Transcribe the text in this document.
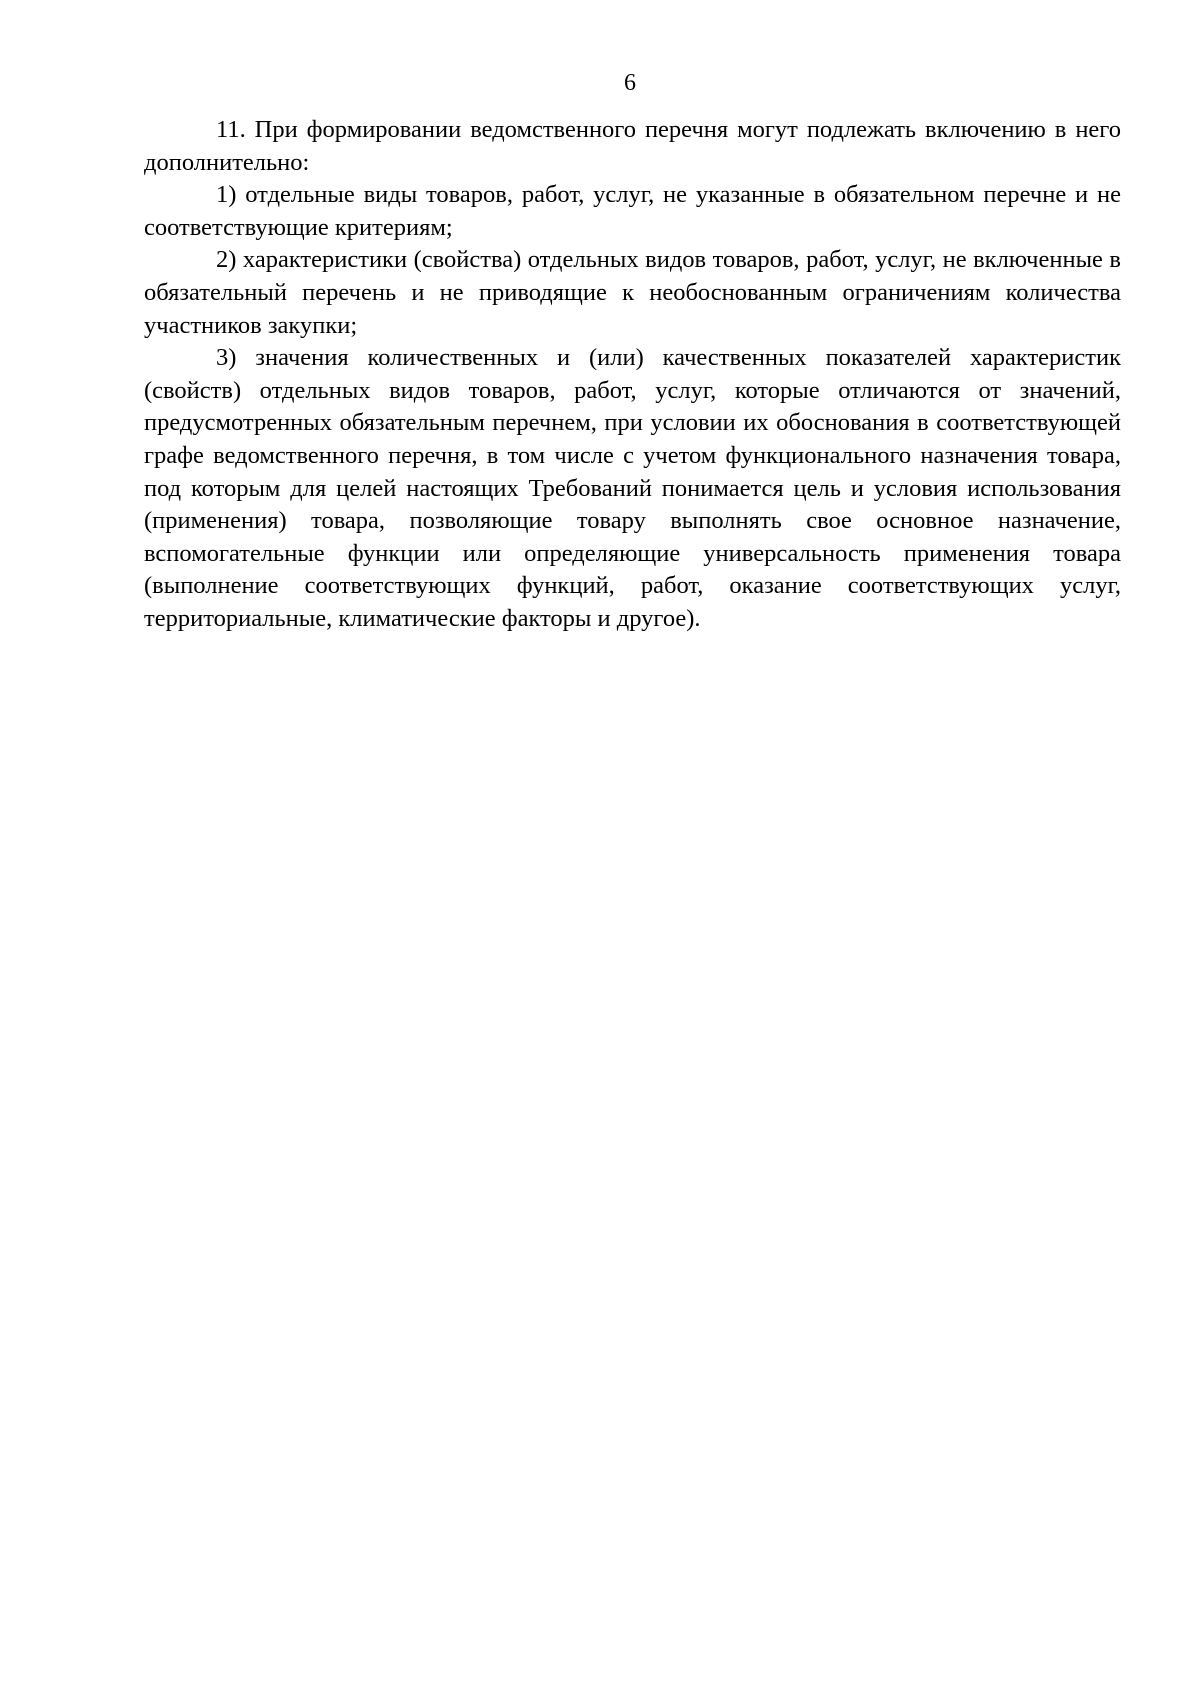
6

11. При формировании ведомственного перечня могут подлежать включению в него дополнительно:

1) отдельные виды товаров, работ, услуг, не указанные в обязательном перечне и не соответствующие критериям;

2) характеристики (свойства) отдельных видов товаров, работ, услуг, не включенные в обязательный перечень и не приводящие к необоснованным ограничениям количества участников закупки;

3) значения количественных и (или) качественных показателей характеристик (свойств) отдельных видов товаров, работ, услуг, которые отличаются от значений, предусмотренных обязательным перечнем, при условии их обоснования в соответствующей графе ведомственного перечня, в том числе с учетом функционального назначения товара, под которым для целей настоящих Требований понимается цель и условия использования (применения) товара, позволяющие товару выполнять свое основное назначение, вспомогательные функции или определяющие универсальность применения товара (выполнение соответствующих функций, работ, оказание соответствующих услуг, территориальные, климатические факторы и другое).
